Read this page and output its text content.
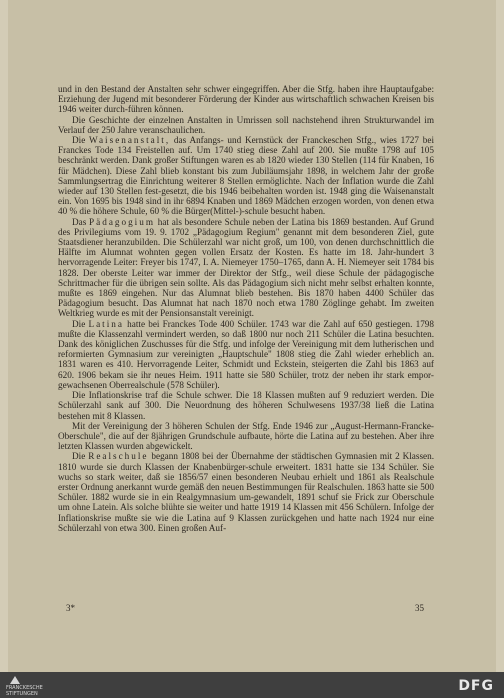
und in den Bestand der Anstalten sehr schwer eingegriffen. Aber die Stfg. haben ihre Hauptaufgabe: Erziehung der Jugend mit besonderer Förderung der Kinder aus wirtschaftlich schwachen Kreisen bis 1946 weiter durch-führen können.

Die Geschichte der einzelnen Anstalten in Umrissen soll nachstehend ihren Strukturwandel im Verlauf der 250 Jahre veranschaulichen.

Die Waisenanstalt, das Anfangs- und Kernstück der Franckeschen Stfg., wies 1727 bei Franckes Tode 134 Freistellen auf. Um 1740 stieg diese Zahl auf 200. Sie mußte 1798 auf 105 beschränkt werden. Dank großer Stiftungen waren es ab 1820 wieder 130 Stellen (114 für Knaben, 16 für Mädchen). Diese Zahl blieb konstant bis zum Jubiläumsjahr 1898, in welchem Jahr der große Sammlungsertrag die Einrichtung weiterer 8 Stellen ermöglichte. Nach der Inflation wurde die Zahl wieder auf 130 Stellen fest-gesetzt, die bis 1946 beibehalten worden ist. 1948 ging die Waisenanstalt ein. Von 1695 bis 1948 sind in ihr 6894 Knaben und 1869 Mädchen erzogen worden, von denen etwa 40 % die höhere Schule, 60 % die Bürger(Mittel-)-schule besucht haben.

Das Pädagogium hat als besondere Schule neben der Latina bis 1869 bestanden. Auf Grund des Privilegiums vom 19. 9. 1702 „Pädagogium Regium" genannt mit dem besonderen Ziel, gute Staatsdiener heranzubilden. Die Schülerzahl war nicht groß, um 100, von denen durchschnittlich die Hälfte im Alumnat wohnten gegen vollen Ersatz der Kosten. Es hatte im 18. Jahr-hundert 3 hervorragende Leiter: Freyer bis 1747, I. A. Niemeyer 1750–1765, dann A. H. Niemeyer seit 1784 bis 1828. Der oberste Leiter war immer der Direktor der Stfg., weil diese Schule der pädagogische Schrittmacher für die übrigen sein sollte. Als das Pädagogium sich nicht mehr selbst erhalten konnte, mußte es 1869 eingehen. Nur das Alumnat blieb bestehen. Bis 1870 haben 4400 Schüler das Pädagogium besucht. Das Alumnat hat nach 1870 noch etwa 1780 Zöglinge gehabt. Im zweiten Weltkrieg wurde es mit der Pensionsanstalt vereinigt.

Die Latina hatte bei Franckes Tode 400 Schüler. 1743 war die Zahl auf 650 gestiegen. 1798 mußte die Klassenzahl vermindert werden, so daß 1800 nur noch 211 Schüler die Latina besuchten. Dank des königlichen Zuschusses für die Stfg. und infolge der Vereinigung mit dem lutherischen und reformierten Gymnasium zur vereinigten „Hauptschule" 1808 stieg die Zahl wieder erheblich an. 1831 waren es 410. Hervorragende Leiter, Schmidt und Eckstein, steigerten die Zahl bis 1863 auf 620. 1906 bekam sie ihr neues Heim. 1911 hatte sie 580 Schüler, trotz der neben ihr stark empor-gewachsenen Oberrealschule (578 Schüler).

Die Inflationskrise traf die Schule schwer. Die 18 Klassen mußten auf 9 reduziert werden. Die Schülerzahl sank auf 300. Die Neuordnung des höheren Schulwesens 1937/38 ließ die Latina bestehen mit 8 Klassen.

Mit der Vereinigung der 3 höheren Schulen der Stfg. Ende 1946 zur „August-Hermann-Francke-Oberschule", die auf der 8jährigen Grundschule aufbaute, hörte die Latina auf zu bestehen. Aber ihre letzten Klassen wurden abgewickelt.

Die Realschule begann 1808 bei der Übernahme der städtischen Gymnasien mit 2 Klassen. 1810 wurde sie durch Klassen der Knabenbürger-schule erweitert. 1831 hatte sie 134 Schüler. Sie wuchs so stark weiter, daß sie 1856/57 einen besonderen Neubau erhielt und 1861 als Realschule erster Ordnung anerkannt wurde gemäß den neuen Bestimmungen für Realschulen. 1863 hatte sie 500 Schüler. 1882 wurde sie in ein Realgymnasium um-gewandelt, 1891 schuf sie Frick zur Oberschule um ohne Latein. Als solche blühte sie weiter und hatte 1919 14 Klassen mit 456 Schülern. Infolge der Inflationskrise mußte sie wie die Latina auf 9 Klassen zurückgehen und hatte nach 1924 nur eine Schülerzahl von etwa 300. Einen großen Auf-

3*	35
FRANCKESCHE STIFTUNGEN	DFG
